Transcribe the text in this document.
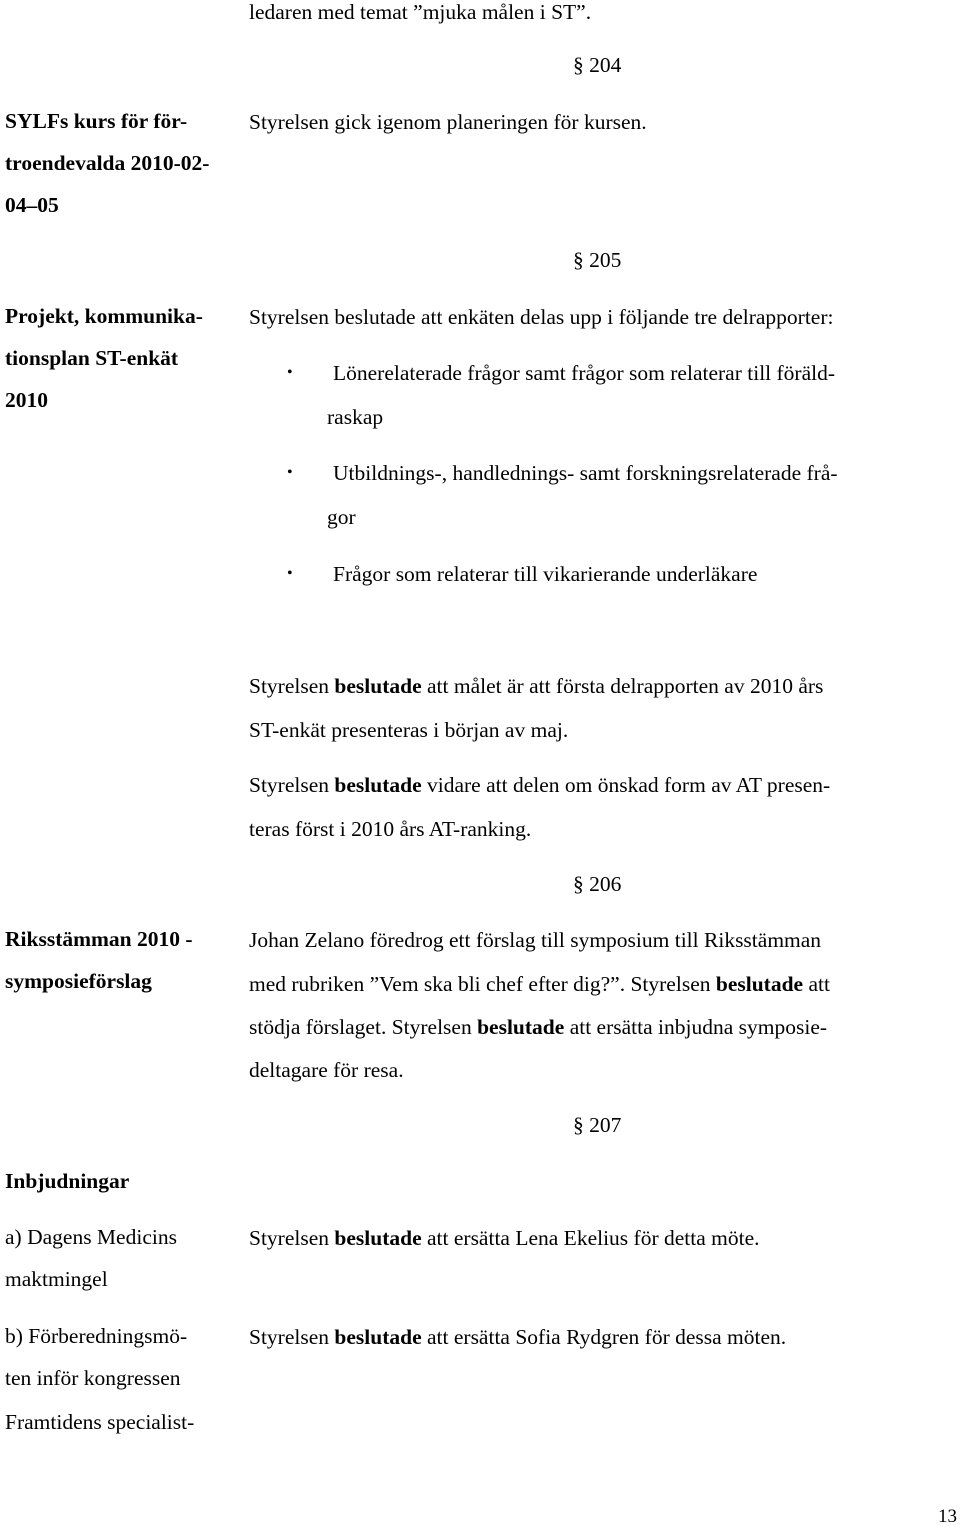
ledaren med temat ”mjuka målen i ST”.
§ 204
SYLFs kurs för för-
troendevalda 2010-02-
04–05
Styrelsen gick igenom planeringen för kursen.
§ 205
Projekt, kommunika-
tionsplan ST-enkät
2010
Styrelsen beslutade att enkäten delas upp i följande tre delrapporter:
• Lönerelaterade frågor samt frågor som relaterar till föräld-
raskap
• Utbildnings-, handlednings- samt forskningsrelaterade frå-
gor
• Frågor som relaterar till vikarierande underläkare
Styrelsen beslutade att målet är att första delrapporten av 2010 års
ST-enkät presenteras i början av maj.
Styrelsen beslutade vidare att delen om önskad form av AT presen-
teras först i 2010 års AT-ranking.
§ 206
Riksstämman 2010 -
symposieförslag
Johan Zelano föredrog ett förslag till symposium till Riksstämman
med rubriken ”Vem ska bli chef efter dig?”. Styrelsen beslutade att
stödja förslaget. Styrelsen beslutade att ersätta inbjudna symposie-
deltagare för resa.
§ 207
Inbjudningar
a) Dagens Medicins
maktmingel
Styrelsen beslutade att ersätta Lena Ekelius för detta möte.
b) Förberedningsmö-
ten inför kongressen
Framtidens specialist-
Styrelsen beslutade att ersätta Sofia Rydgren för dessa möten.
13
